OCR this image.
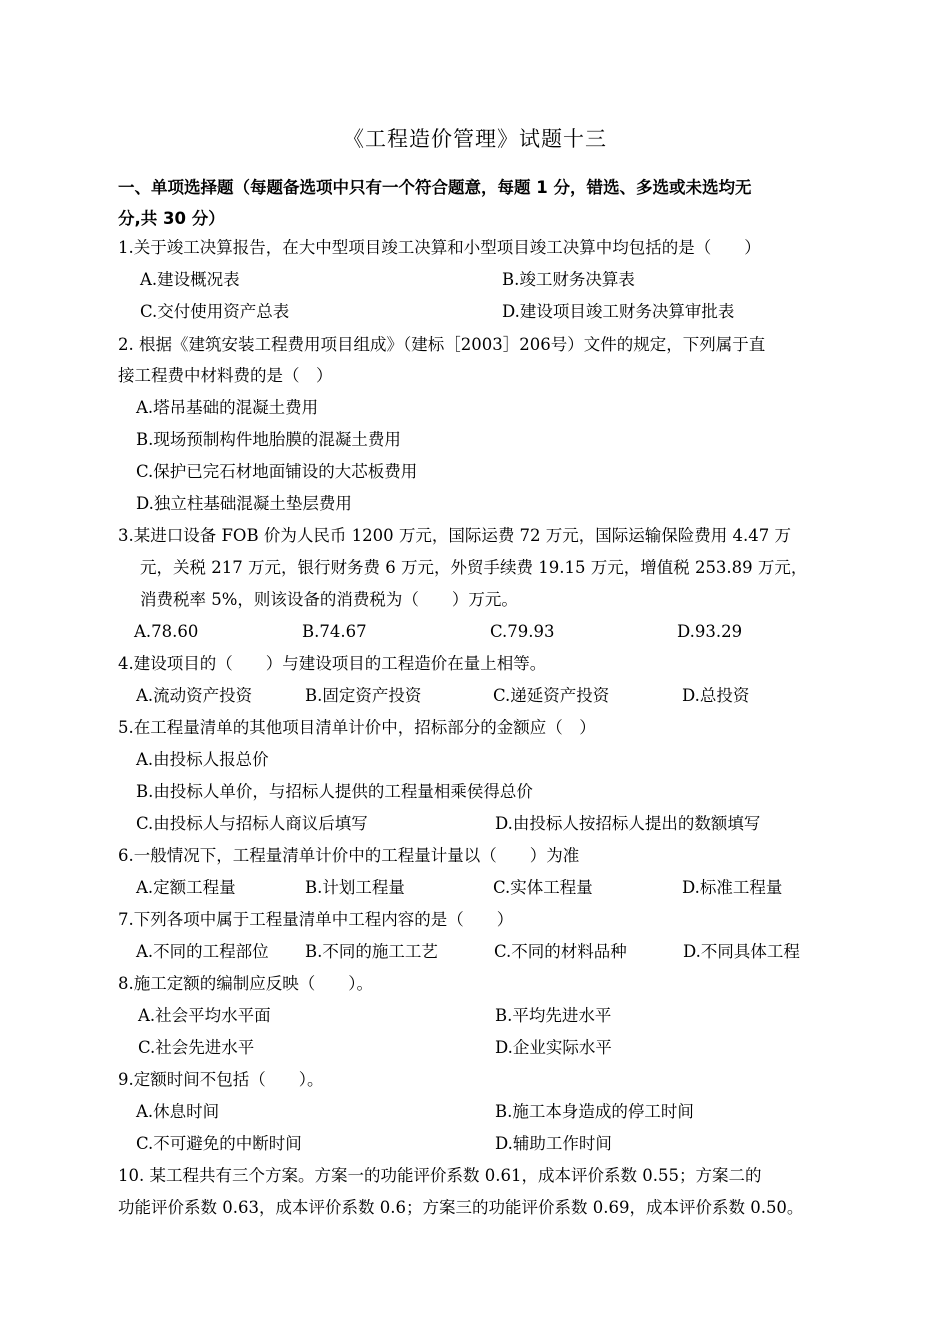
《工程造价管理》试题十三
一、单项选择题（每题备选项中只有一个符合题意，每题 1 分，错选、多选或未选均无
分,共 30 分）
1.关于竣工决算报告，在大中型项目竣工决算和小型项目竣工决算中均包括的是（　　）
A.建设概况表	B.竣工财务决算表
C.交付使用资产总表	D.建设项目竣工财务决算审批表
2. 根据《建筑安装工程费用项目组成》（建标［2003］206号）文件的规定，下列属于直
接工程费中材料费的是（　）
A.塔吊基础的混凝土费用
B.现场预制构件地胎膜的混凝土费用
C.保护已完石材地面铺设的大芯板费用
D.独立柱基础混凝土垫层费用
3.某进口设备 FOB 价为人民币 1200 万元，国际运费 72 万元，国际运输保险费用 4.47 万
元，关税 217 万元，银行财务费 6 万元，外贸手续费 19.15 万元，增值税 253.89 万元，
消费税率 5%，则该设备的消费税为（　　）万元。
A.78.60	B.74.67	C.79.93	D.93.29
4.建设项目的（　　）与建设项目的工程造价在量上相等。
A.流动资产投资	B.固定资产投资	C.递延资产投资	D.总投资
5.在工程量清单的其他项目清单计价中，招标部分的金额应（　）
A.由投标人报总价
B.由投标人单价，与招标人提供的工程量相乘侯得总价
C.由投标人与招标人商议后填写	D.由投标人按招标人提出的数额填写
6.一般情况下，工程量清单计价中的工程量计量以（　　）为准
A.定额工程量	B.计划工程量	C.实体工程量	D.标准工程量
7.下列各项中属于工程量清单中工程内容的是（　　）
A.不同的工程部位 B.不同的施工工艺	C.不同的材料品种	D.不同具体工程
8.施工定额的编制应反映（　　）。
A.社会平均水平面	B.平均先进水平
C.社会先进水平	D.企业实际水平
9.定额时间不包括（　　）。
A.休息时间	B.施工本身造成的停工时间
C.不可避免的中断时间	D.辅助工作时间
10. 某工程共有三个方案。方案一的功能评价系数 0.61，成本评价系数 0.55；方案二的
功能评价系数 0.63，成本评价系数 0.6；方案三的功能评价系数 0.69，成本评价系数 0.50。
